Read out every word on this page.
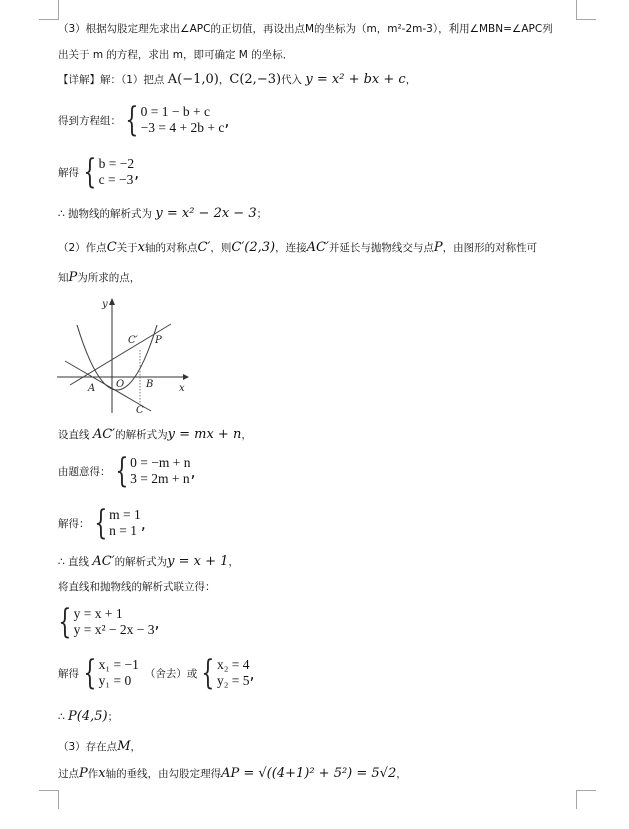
（3）根据勾股定理先求出∠APC的正切值，再设出点M的坐标为（m，m²-2m-3），利用∠MBN=∠APC列
出关于 m 的方程，求出 m，即可确定 M 的坐标．
【详解】解：（1）把点 A(−1,0)，C(2,−3)代入 y = x² + bx + c，
得到方程组： { 0 = 1 − b + c
−3 = 4 + 2b + c ,
解得 { b = −2
c = −3 ,
∴ 抛物线的解析式为 y = x² − 2x − 3；
（2）作点C关于x轴的对称点C′，则C′(2,3)，连接AC′并延长与抛物线交与点P，由图形的对称性可
知P为所求的点，
y
x
A O B
C
C′ P
设直线 AC′的解析式为y = mx + n，
由题意得： { 0 = −m + n
3 = 2m + n ,
解得： { m = 1
n = 1 ,
∴ 直线 AC′的解析式为y = x + 1，
将直线和抛物线的解析式联立得：
{ y = x + 1
y = x² − 2x − 3 ,
解得 { x₁ = −1
y₁ = 0	（舍去）或 { x₂ = 4
y₂ = 5 ,
∴ P(4,5)；
（3）存在点M，
过点P作x轴的垂线，由勾股定理得AP = √((4+1)² + 5²) = 5√2，
